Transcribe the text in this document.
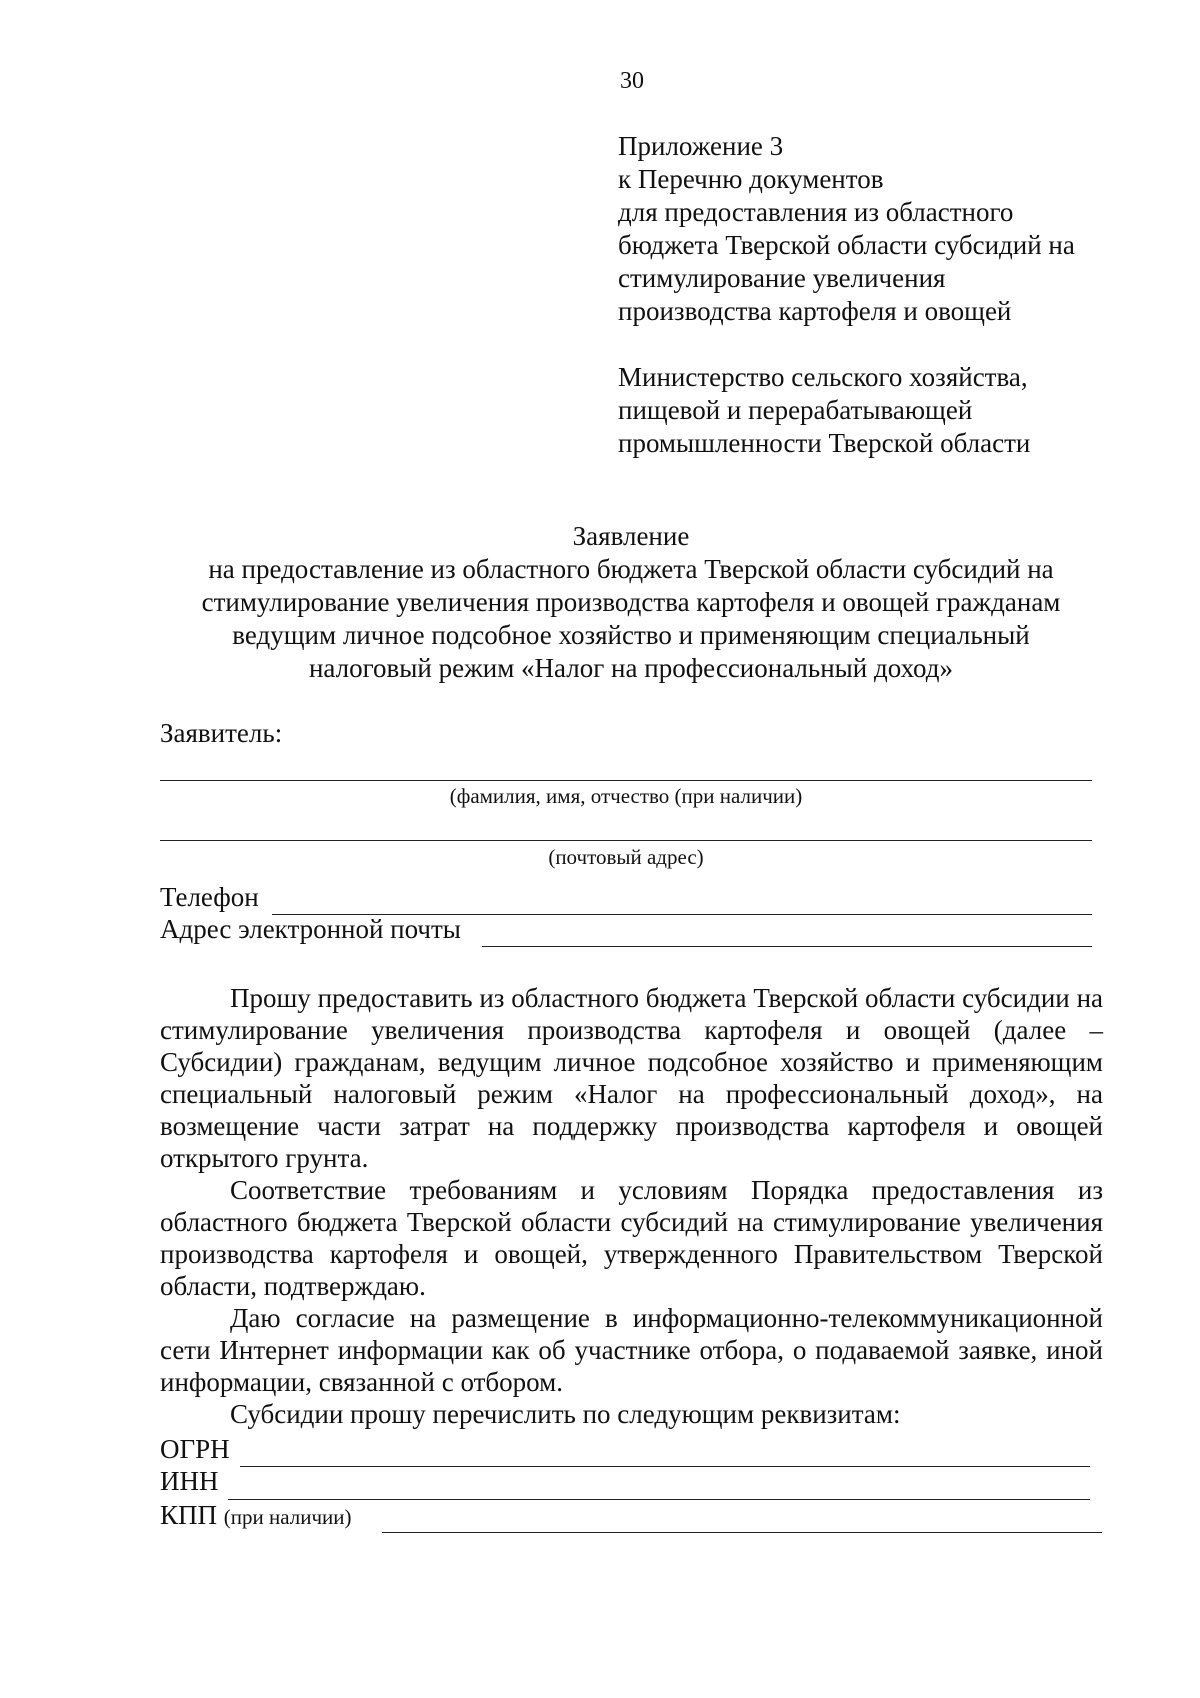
30
Приложение 3
к Перечню документов
для предоставления из областного
бюджета Тверской области субсидий на
стимулирование увеличения
производства картофеля и овощей
Министерство сельского хозяйства,
пищевой и перерабатывающей
промышленности Тверской области
Заявление
на предоставление из областного бюджета Тверской области субсидий на
стимулирование увеличения производства картофеля и овощей гражданам
ведущим личное подсобное хозяйство и применяющим специальный
налоговый режим «Налог на профессиональный доход»
Заявитель:
(фамилия, имя, отчество (при наличии)
(почтовый адрес)
Телефон
Адрес электронной почты

Прошу предоставить из областного бюджета Тверской области субсидии на стимулирование увеличения производства картофеля и овощей (далее – Субсидии) гражданам, ведущим личное подсобное хозяйство и применяющим специальный налоговый режим «Налог на профессиональный доход», на возмещение части затрат на поддержку производства картофеля и овощей открытого грунта.

Соответствие требованиям и условиям Порядка предоставления из областного бюджета Тверской области субсидий на стимулирование увеличения производства картофеля и овощей, утвержденного Правительством Тверской области, подтверждаю.

Даю согласие на размещение в информационно-телекоммуникационной сети Интернет информации как об участнике отбора, о подаваемой заявке, иной информации, связанной с отбором.

Субсидии прошу перечислить по следующим реквизитам:

ОГРН
ИНН
КПП (при наличии)
